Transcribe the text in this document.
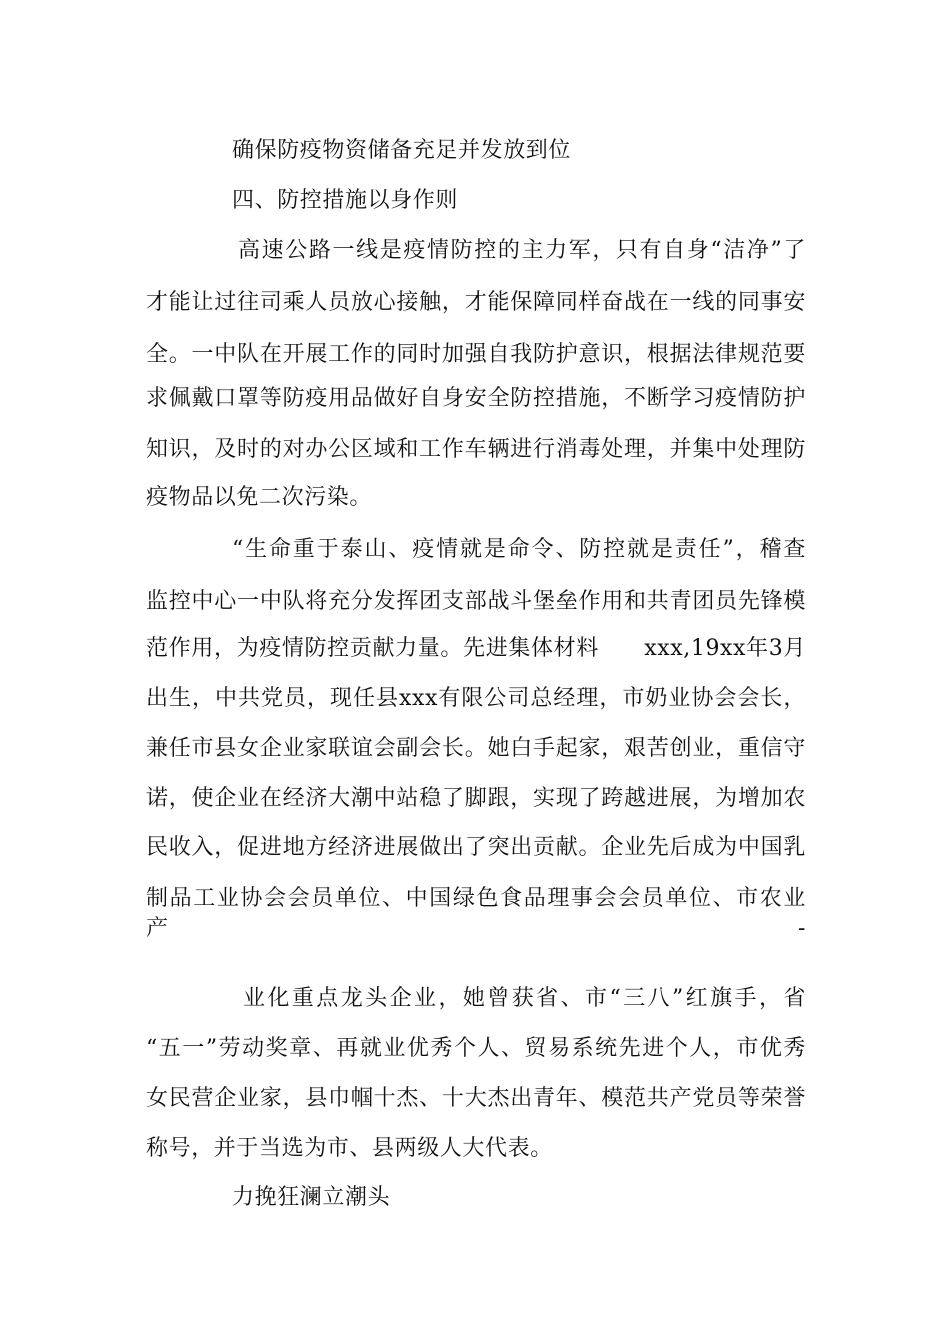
确保防疫物资储备充足并发放到位
四、防控措施以身作则
高速公路一线是疫情防控的主力军，只有自身“洁净”了
才能让过往司乘人员放心接触，才能保障同样奋战在一线的同事安
全。一中队在开展工作的同时加强自我防护意识，根据法律规范要
求佩戴口罩等防疫用品做好自身安全防控措施，不断学习疫情防护
知识，及时的对办公区域和工作车辆进行消毒处理，并集中处理防
疫物品以免二次污染。
“生命重于泰山、疫情就是命令、防控就是责任”，稽查
监控中心一中队将充分发挥团支部战斗堡垒作用和共青团员先锋模
范作用，为疫情防控贡献力量。先进集体材料　　xxx,19xx年3月
出生，中共党员，现任县xxx有限公司总经理，市奶业协会会长，
兼任市县女企业家联谊会副会长。她白手起家，艰苦创业，重信守
诺，使企业在经济大潮中站稳了脚跟，实现了跨越进展，为增加农
民收入，促进地方经济进展做出了突出贡献。企业先后成为中国乳
制品工业协会会员单位、中国绿色食品理事会会员单位、市农业产-
业化重点龙头企业，她曾获省、市“三八”红旗手，省
“五一”劳动奖章、再就业优秀个人、贸易系统先进个人，市优秀
女民营企业家，县巾帼十杰、十大杰出青年、模范共产党员等荣誉
称号，并于当选为市、县两级人大代表。
力挽狂澜立潮头
